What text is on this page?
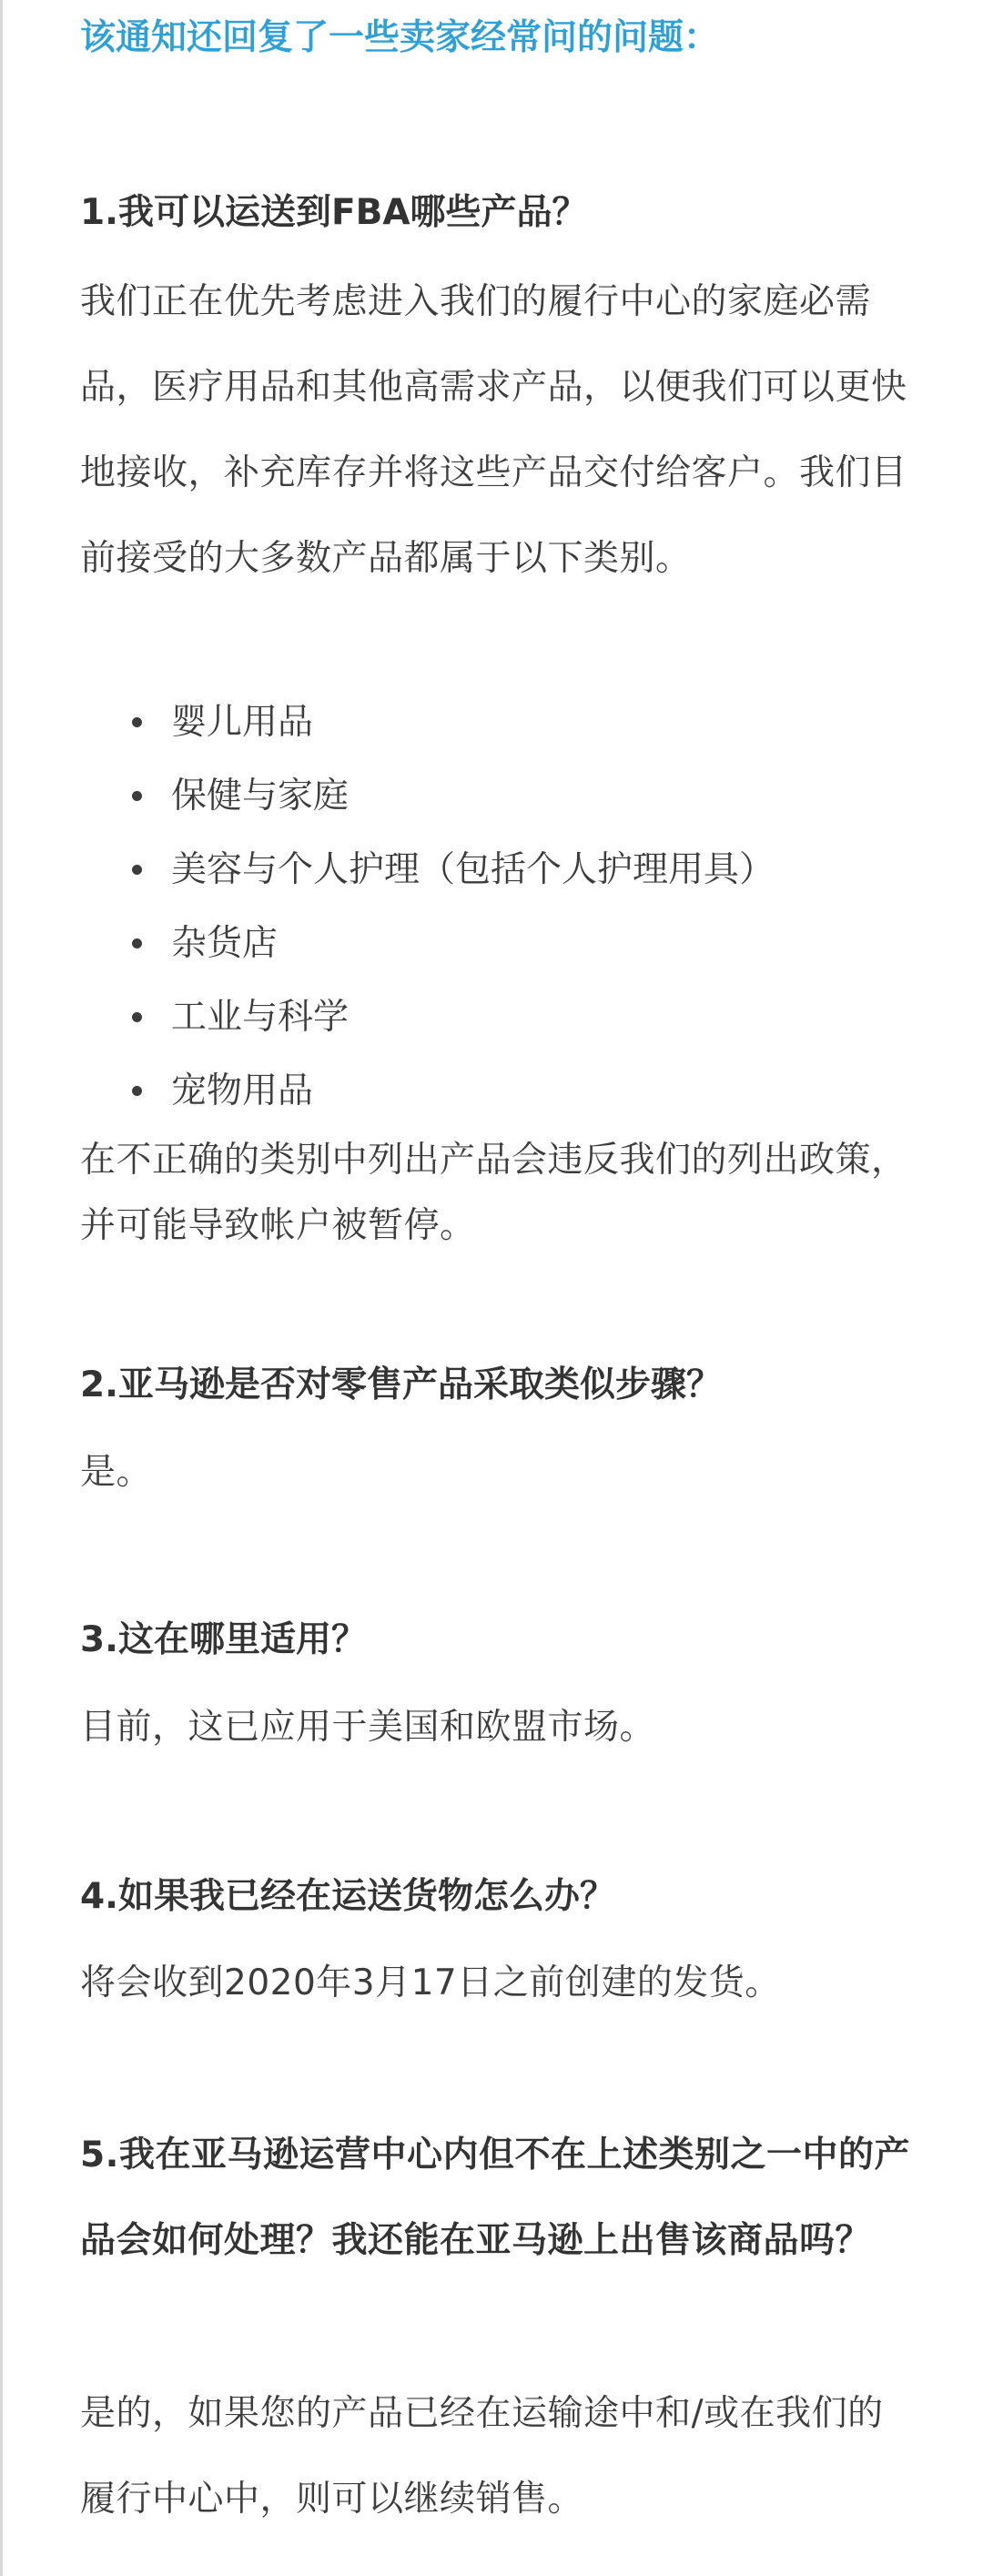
该通知还回复了一些卖家经常问的问题：
1.我可以运送到FBA哪些产品？
我们正在优先考虑进入我们的履行中心的家庭必需品，医疗用品和其他高需求产品，以便我们可以更快地接收，补充库存并将这些产品交付给客户。我们目前接受的大多数产品都属于以下类别。
婴儿用品
保健与家庭
美容与个人护理（包括个人护理用具）
杂货店
工业与科学
宠物用品
在不正确的类别中列出产品会违反我们的列出政策，并可能导致帐户被暂停。
2.亚马逊是否对零售产品采取类似步骤？
是。
3.这在哪里适用？
目前，这已应用于美国和欧盟市场。
4.如果我已经在运送货物怎么办？
将会收到2020年3月17日之前创建的发货。
5.我在亚马逊运营中心内但不在上述类别之一中的产品会如何处理？我还能在亚马逊上出售该商品吗？
是的，如果您的产品已经在运输途中和/或在我们的履行中心中，则可以继续销售。
